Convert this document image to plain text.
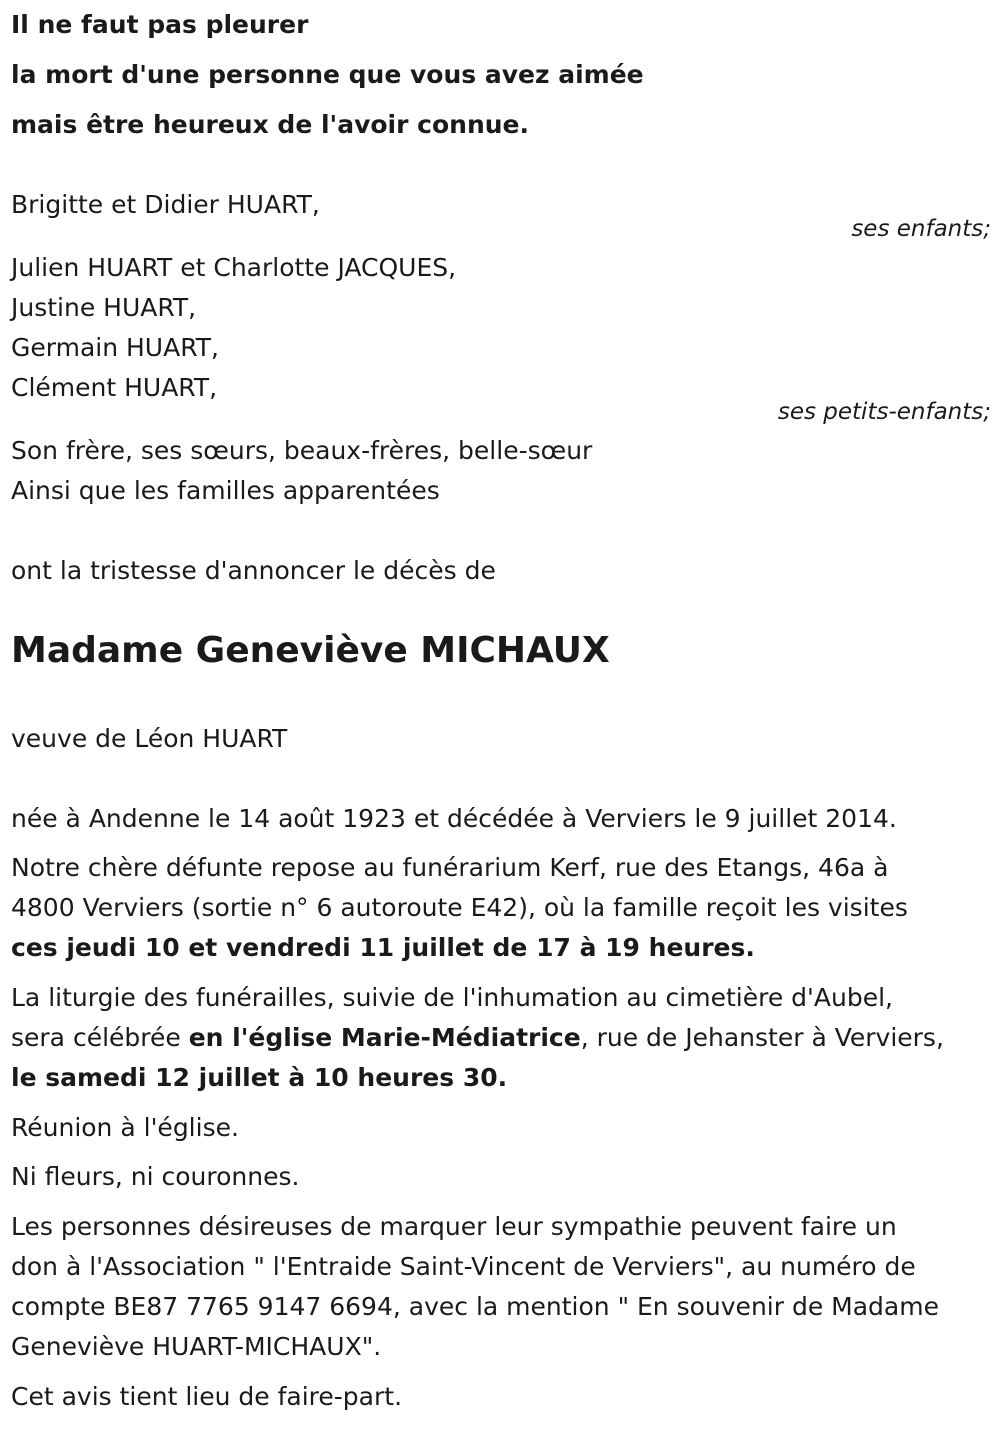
Il ne faut pas pleurer
la mort d'une personne que vous avez aimée
mais être heureux de l'avoir connue.
Brigitte et Didier HUART,
ses enfants;
Julien HUART et Charlotte JACQUES,
Justine HUART,
Germain HUART,
Clément HUART,
ses petits-enfants;
Son frère, ses sœurs, beaux-frères, belle-sœur
Ainsi que les familles apparentées
ont la tristesse d'annoncer le décès de
Madame Geneviève MICHAUX
veuve de Léon HUART
née à Andenne le 14 août 1923 et décédée à Verviers le 9 juillet 2014.
Notre chère défunte repose au funérarium Kerf, rue des Etangs, 46a à
4800 Verviers (sortie n° 6 autoroute E42), où la famille reçoit les visites
ces jeudi 10 et vendredi 11 juillet de 17 à 19 heures.
La liturgie des funérailles, suivie de l'inhumation au cimetière d'Aubel,
sera célébrée en l'église Marie-Médiatrice, rue de Jehanster à Verviers,
le samedi 12 juillet à 10 heures 30.
Réunion à l'église.
Ni fleurs, ni couronnes.
Les personnes désireuses de marquer leur sympathie peuvent faire un
don à l'Association " l'Entraide Saint-Vincent de Verviers", au numéro de
compte BE87 7765 9147 6694, avec la mention " En souvenir de Madame
Geneviève HUART-MICHAUX".
Cet avis tient lieu de faire-part.
